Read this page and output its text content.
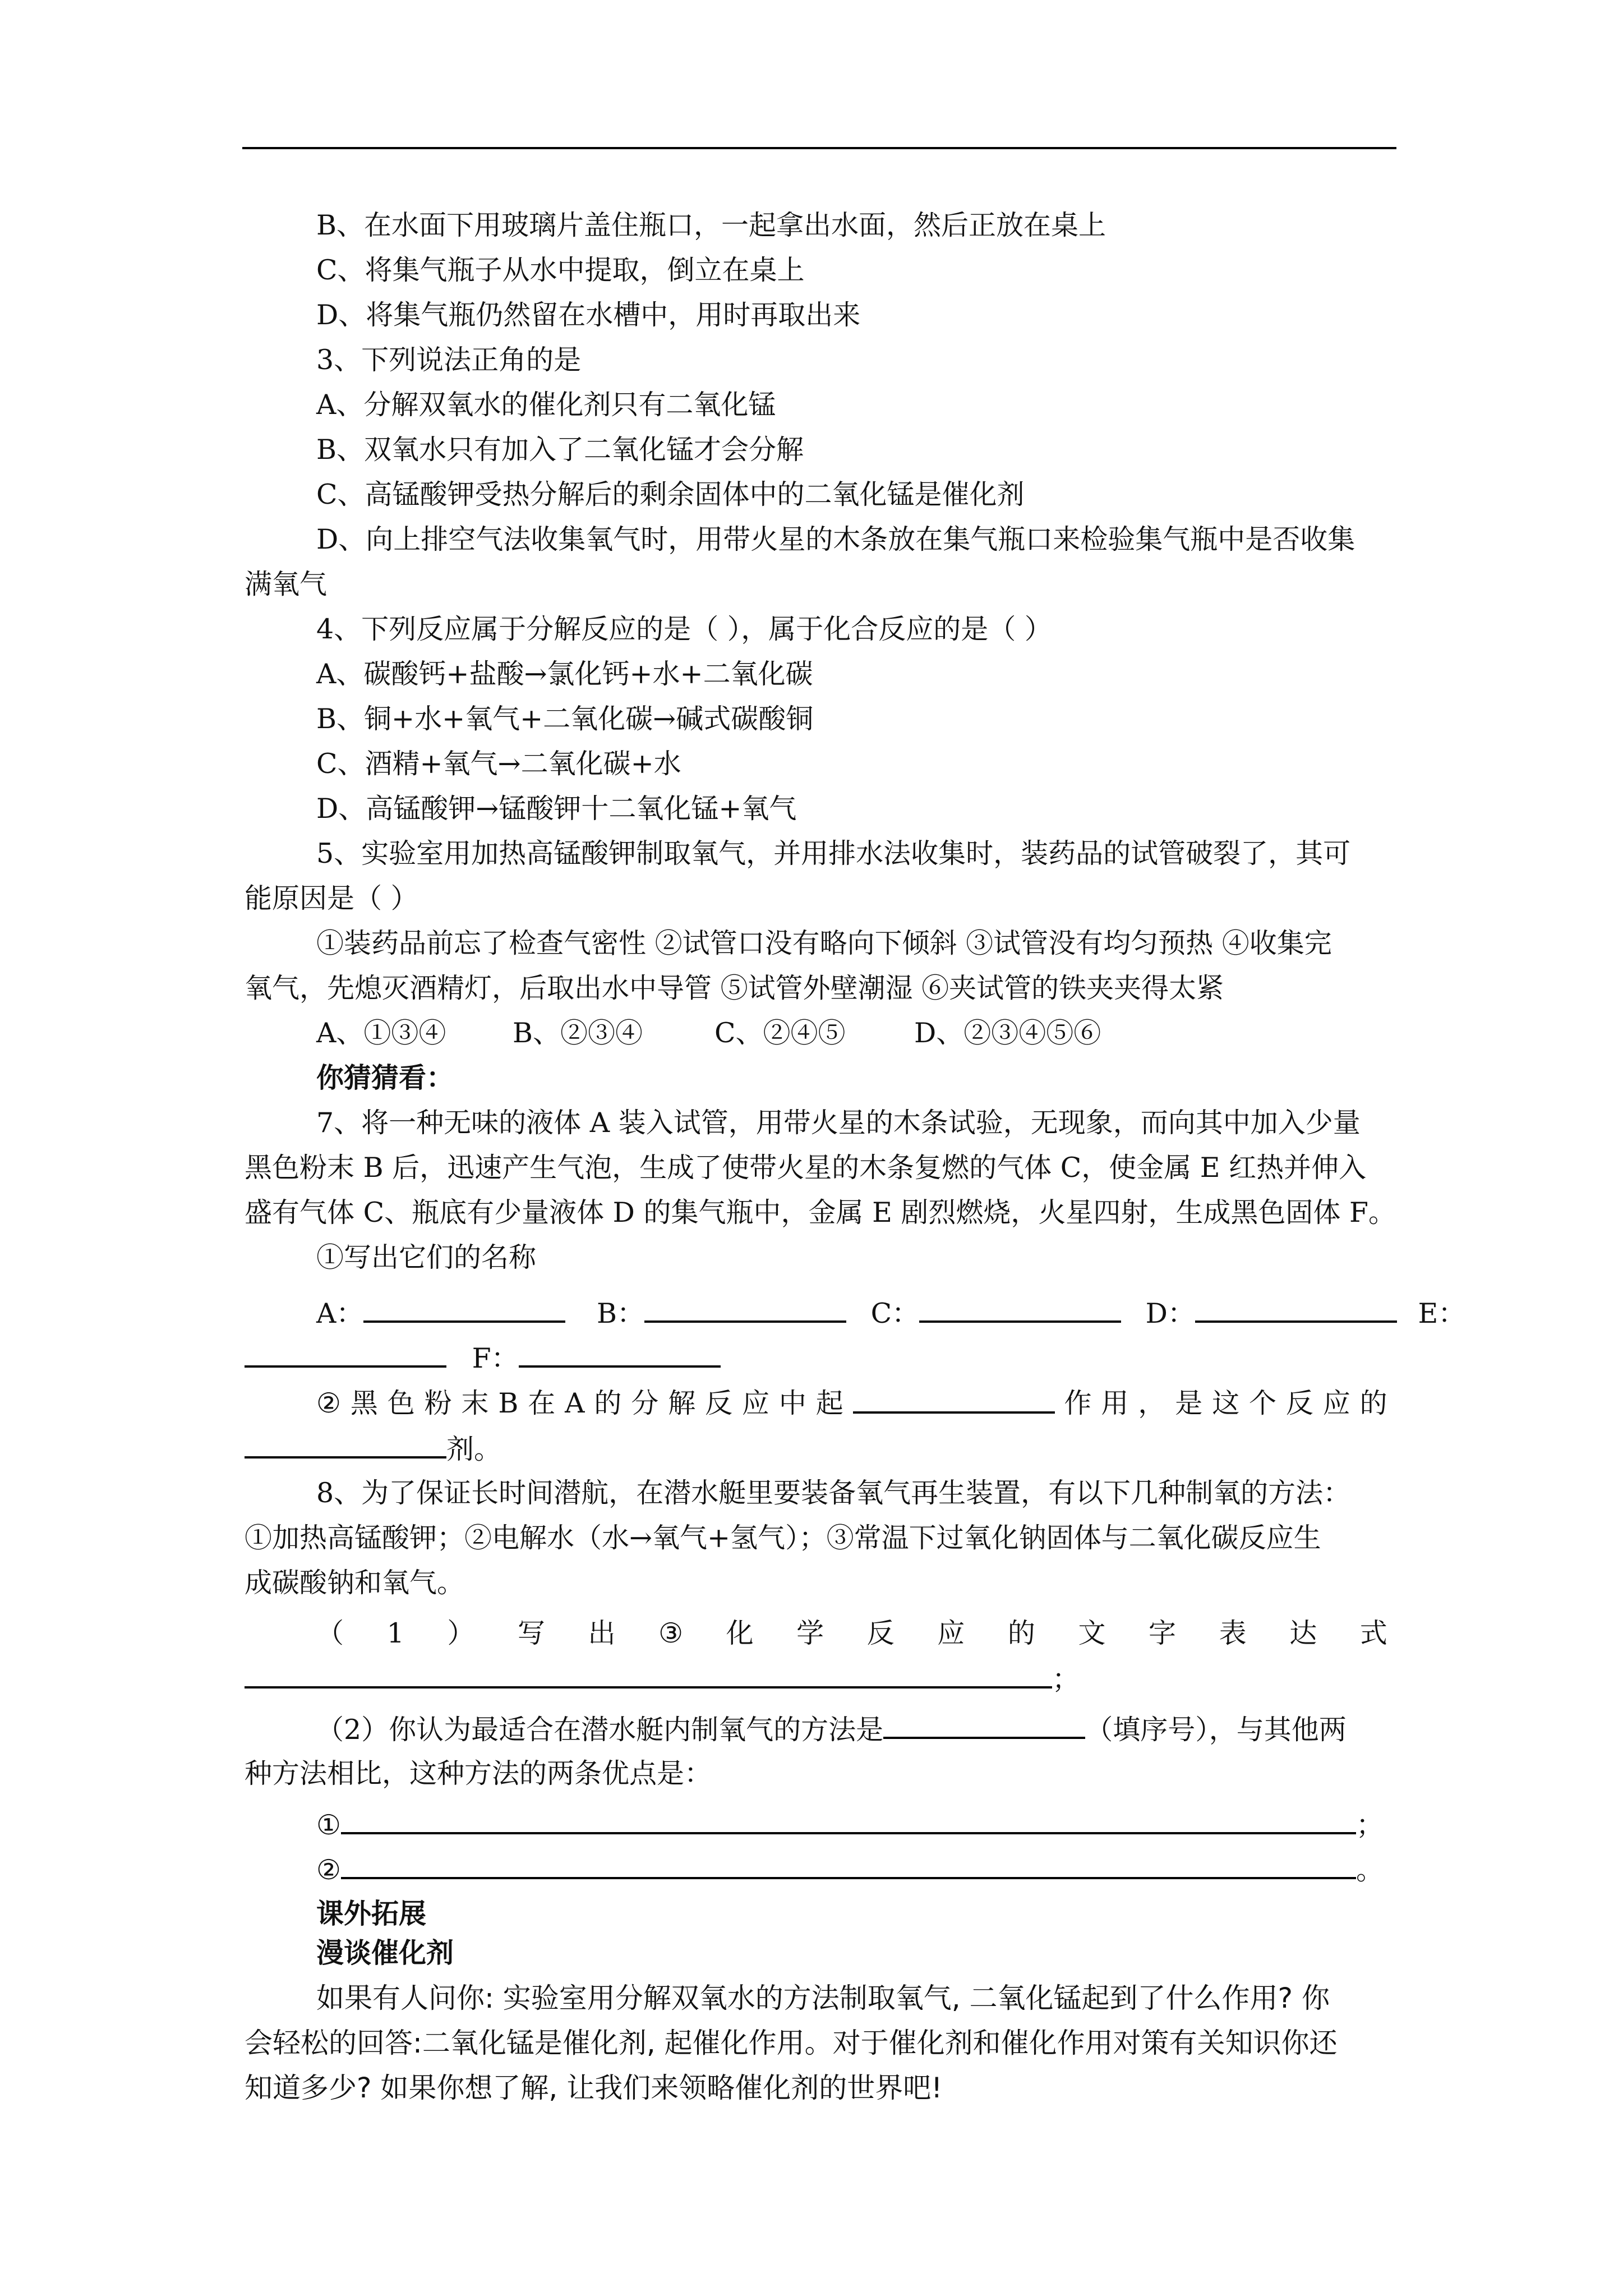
B、在水面下用玻璃片盖住瓶口，一起拿出水面，然后正放在桌上
C、将集气瓶子从水中提取，倒立在桌上
D、将集气瓶仍然留在水槽中，用时再取出来
3、下列说法正角的是
A、分解双氧水的催化剂只有二氧化锰
B、双氧水只有加入了二氧化锰才会分解
C、高锰酸钾受热分解后的剩余固体中的二氧化锰是催化剂
D、向上排空气法收集氧气时，用带火星的木条放在集气瓶口来检验集气瓶中是否收集
满氧气
4、下列反应属于分解反应的是（ ），属于化合反应的是（ ）
A、碳酸钙+盐酸→氯化钙+水+二氧化碳
B、铜+水+氧气+二氧化碳→碱式碳酸铜
C、酒精+氧气→二氧化碳+水
D、高锰酸钾→锰酸钾十二氧化锰+氧气
5、实验室用加热高锰酸钾制取氧气，并用排水法收集时，装药品的试管破裂了，其可
能原因是（ ）
①装药品前忘了检查气密性 ②试管口没有略向下倾斜 ③试管没有均匀预热 ④收集完
氧气，先熄灭酒精灯，后取出水中导管 ⑤试管外壁潮湿 ⑥夹试管的铁夹夹得太紧
A、①③④ B、②③④	C、②④⑤	D、②③④⑤⑥
你猜猜看：
7、将一种无味的液体 A 装入试管，用带火星的木条试验，无现象，而向其中加入少量
黑色粉末 B 后，迅速产生气泡，生成了使带火星的木条复燃的气体 C，使金属 E 红热并伸入
盛有气体 C、瓶底有少量液体 D 的集气瓶中，金属 E 剧烈燃烧，火星四射，生成黑色固体 F。
①写出它们的名称
A：	B：	C：	D：	E：
F：
② 黑 色 粉 末 B 在 A 的 分 解 反 应 中 起	作 用 ， 是 这 个 反 应 的
剂。
8、为了保证长时间潜航，在潜水艇里要装备氧气再生装置，有以下几种制氧的方法：
①加热高锰酸钾；②电解水（水→氧气+氢气）；③常温下过氧化钠固体与二氧化碳反应生
成碳酸钠和氧气。
（ 1 ） 写 出 ③ 化 学 反 应 的 文 字 表 达 式
；
（2）你认为最适合在潜水艇内制氧气的方法是	（填序号），与其他两
种方法相比，这种方法的两条优点是：
①	；
②	。
课外拓展
漫谈催化剂
如果有人问你: 实验室用分解双氧水的方法制取氧气, 二氧化锰起到了什么作用? 你
会轻松的回答:二氧化锰是催化剂, 起催化作用。对于催化剂和催化作用对策有关知识你还
知道多少? 如果你想了解, 让我们来领略催化剂的世界吧!
